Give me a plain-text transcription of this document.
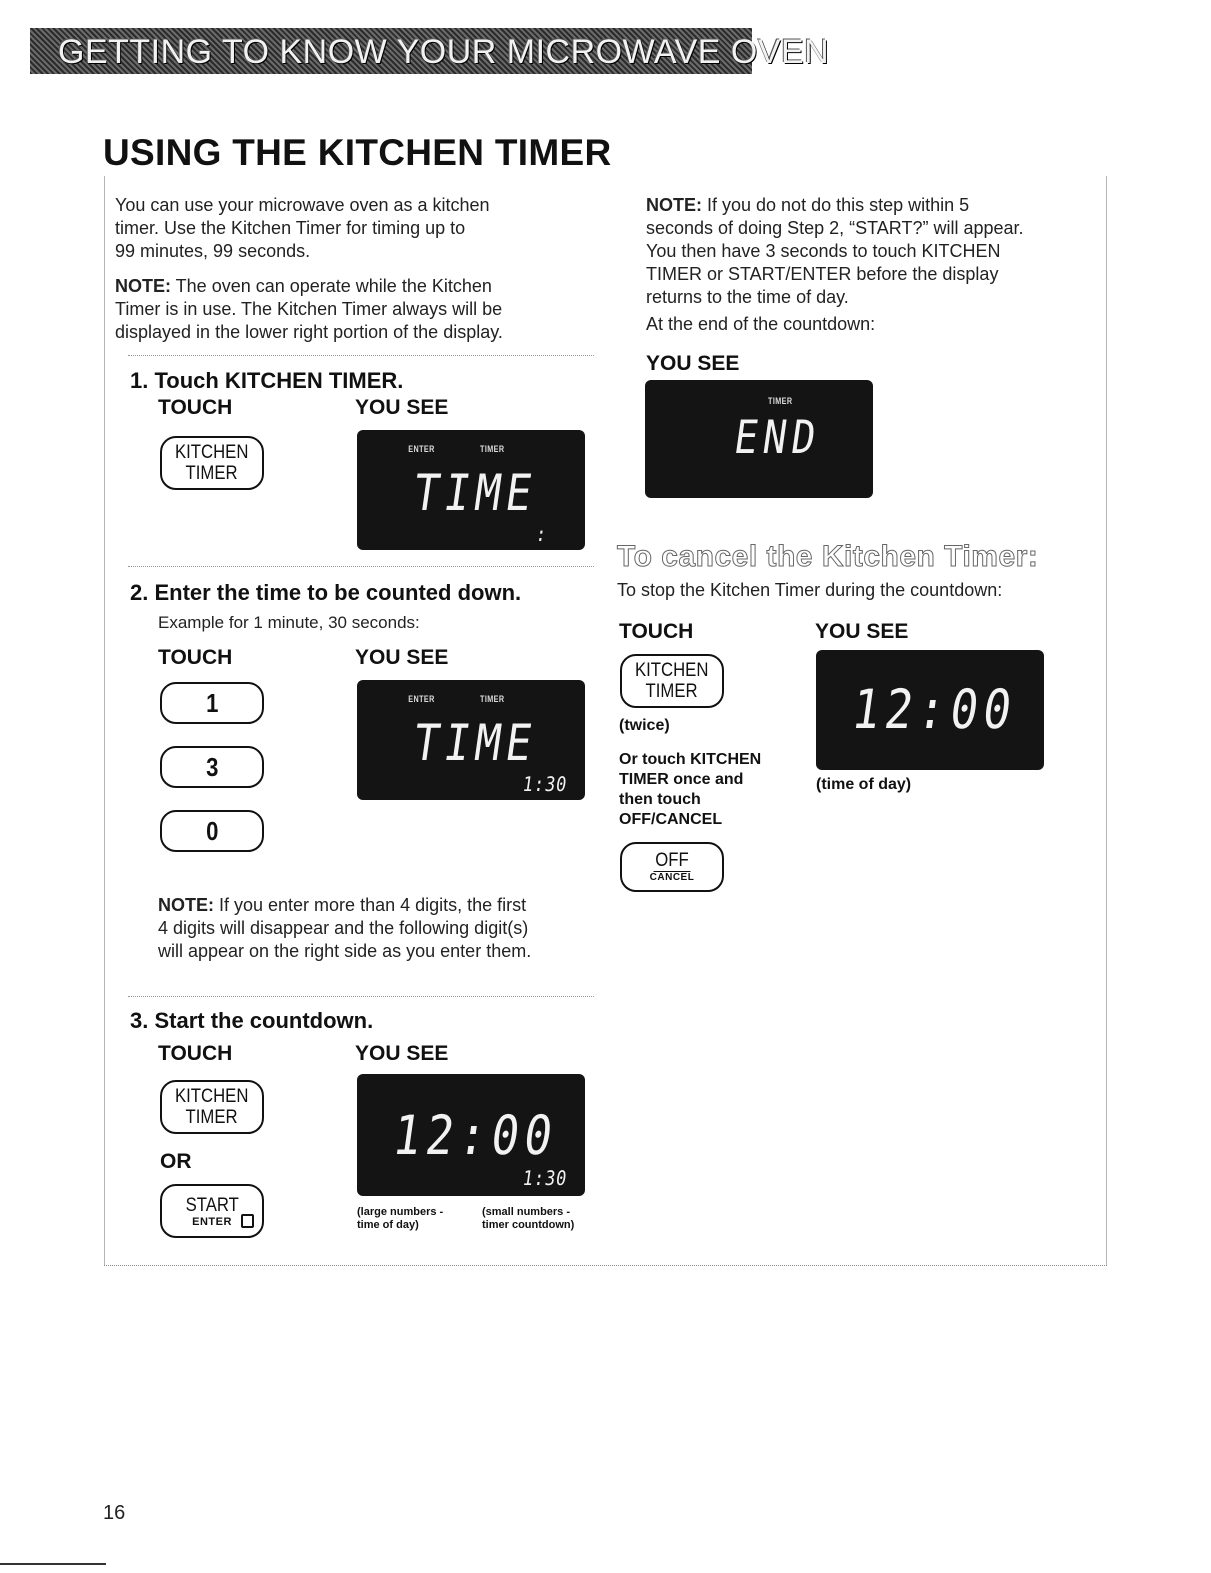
GETTING TO KNOW YOUR MICROWAVE OVEN
USING THE KITCHEN TIMER
You can use your microwave oven as a kitchen
timer. Use the Kitchen Timer for timing up to
99 minutes, 99 seconds.
NOTE: The oven can operate while the Kitchen
Timer is in use. The Kitchen Timer always will be
displayed in the lower right portion of the display.
1. Touch KITCHEN TIMER.
TOUCH	YOU SEE
KITCHEN
TIMER
ENTER	TIMER
TIME
:
2. Enter the time to be counted down.
Example for 1 minute, 30 seconds:
TOUCH	YOU SEE
1
3
0
ENTER	TIMER
TIME
1:30
NOTE: If you enter more than 4 digits, the first
4 digits will disappear and the following digit(s)
will appear on the right side as you enter them.
3. Start the countdown.
TOUCH	YOU SEE
KITCHEN
TIMER
OR
START
ENTER
12:00
1:30
(large numbers -
time of day)
(small numbers -
timer countdown)
NOTE: If you do not do this step within 5
seconds of doing Step 2, “START?” will appear.
You then have 3 seconds to touch KITCHEN
TIMER or START/ENTER before the display
returns to the time of day.
At the end of the countdown:
YOU SEE
TIMER
END
To cancel the Kitchen Timer:
To stop the Kitchen Timer during the countdown:
TOUCH	YOU SEE
KITCHEN
TIMER
(twice)
Or touch KITCHEN
TIMER once and
then touch
OFF/CANCEL
OFF
CANCEL
12:00
(time of day)
16
